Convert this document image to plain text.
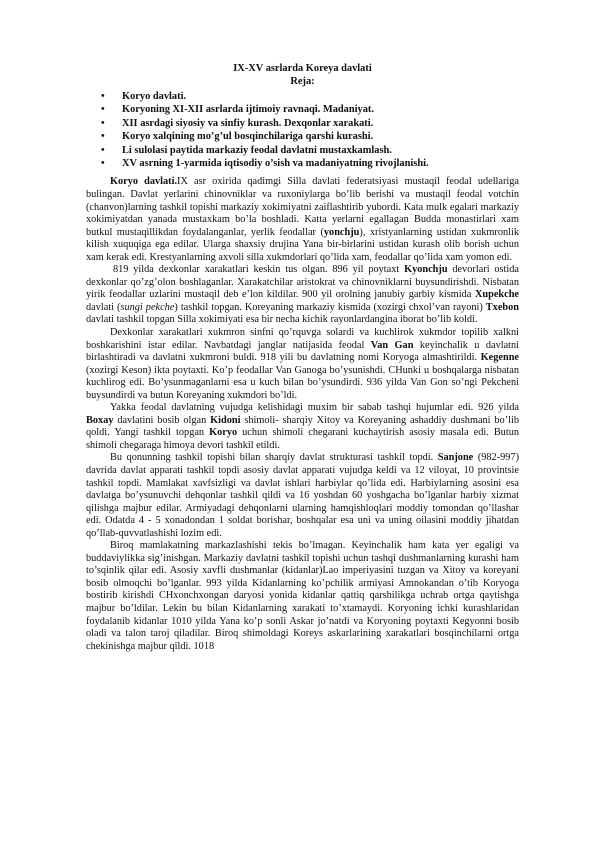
IX-XV asrlarda Koreya davlati
Reja:
• Koryo davlati.
• Koryoning XI-XII asrlarda ijtimoiy ravnaqi. Madaniyat.
• XII asrdagi siyosiy va sinfiy kurash. Dexqonlar xarakati.
• Koryo xalqining mo’g’ul bosqinchilariga qarshi kurashi.
• Li sulolasi paytida markaziy feodal davlatni mustaxkamlash.
• XV asrning 1-yarmida iqtisodiy o’sish va madaniyatning rivojlanishi.

Koryo davlati.IX asr oxirida qadimgi Silla davlati federatsiyasi mustaqil feodal udellariga bulingan. Davlat yerlarini chinovniklar va ruxoniylarga bo’lib berishi va mustaqil feodal votchin (chanvon)larning tashkil topishi markaziy xokimiyatni zaiflashtirib yubordi. Kata mulk egalari markaziy xokimiyatdan yanada mustaxkam bo’la boshladi. Katta yerlarni egallagan Budda monastirlari xam butkul mustaqillikdan foydalanganlar, yerlik feodallar (yonchju), xristyanlarning ustidan xukmronlik kilish xuquqiga ega edilar. Ularga shaxsiy drujina Yana bir-birlarini ustidan kurash olib borish uchun xam kerak edi. Krestyanlarning axvoli silla xukmdorlari qo’lida xam, feodallar qo’lida xam yomon edi.

819 yilda dexkonlar xarakatlari keskin tus olgan. 896 yil poytaxt Kyonchju devorlari ostida dexkonlar qo’zg’olon boshlaganlar. Xarakatchilar aristokrat va chinovniklarni buysundirishdi. Nisbatan yirik feodallar uzlarini mustaqil deb e’lon kildilar. 900 yil orolning janubiy garbiy kismida Xupekche davlati (sungi pekche) tashkil topgan. Koreyaning markaziy kismida (xozirgi chxol’van rayoni) Txebon davlati tashkil topgan Silla xokimiyati esa bir necha kichik rayonlardangina iborat bo’lib koldi.

Dexkonlar xarakatlari xukmron sinfni qo’rquvga solardi va kuchlirok xukmdor topilib xalkni boshkarishini istar edilar. Navbatdagi janglar natijasida feodal Van Gan keyinchalik u davlatni birlashtiradi va davlatni xukmroni buldi. 918 yili bu davlatning nomi Koryoga almashtirildi. Kegenne (xozirgi Keson) ikta poytaxti. Ko’p feodallar Van Ganoga bo’ysunishdi. CHunki u boshqalarga nisbatan kuchlirog edi. Bo’ysunmaganlarni esa u kuch bilan bo’ysundirdi. 936 yilda Van Gon so’ngi Pekcheni buysundirdi va butun Koreyaning xukmdori bo’ldi.

Yakka feodal davlatning vujudga kelishidagi muxim bir sabab tashqi hujumlar edi. 926 yilda Boxay davlatini bosib olgan Kidoni shimoli- sharqiy Xitoy va Koreyaning ashaddiy dushmani bo’lib qoldi. Yangi tashkil topgan Koryo uchun shimoli chegarani kuchaytirish asosiy masala edi. Butun shimoli chegaraga himoya devori tashkil etildi.

Bu qonunning tashkil topishi bilan sharqiy davlat strukturasi tashkil topdi. Sanjone (982-997) davrida davlat apparati tashkil topdi asosiy davlat apparati vujudga keldi va 12 viloyat, 10 provintsie tashkil topdi. Mamlakat xavfsizligi va davlat ishlari harbiylar qo’lida edi. Harbiylarning asosini esa davlatga bo’ysunuvchi dehqonlar tashkil qildi va 16 yoshdan 60 yoshgacha bo’lganlar harbiy xizmat qilishga majbur edilar. Armiyadagi dehqonlarni ularning hamqishloqlari moddiy tomondan qo’llashar edi. Odatda 4 - 5 xonadondan 1 soldat borishar, boshqalar esa uni va uning oilasini moddiy jihatdan qo’llab-quvvatlashishi lozim edi.

Biroq mamlakatning markazlashishi tekis bo’lmagan. Keyinchalik ham kata yer egaligi va buddaviylikka sig’inishgan. Markaziy davlatni tashkil topishi uchun tashqi dushmanlarning kurashi ham to’sqinlik qilar edi. Asosiy xavfli dushmanlar (kidanlar)Lao imperiyasini tuzgan va Xitoy va koreyani bosib olmoqchi bo’lganlar. 993 yilda Kidanlarning ko’pchilik armiyasi Amnokandan o’tib Koryoga bostirib kirishdi CHxonchxongan daryosi yonida kidanlar qattiq qarshilikga uchrab ortga qaytishga majbur bo’ldilar. Lekin bu bilan Kidanlarning xarakati to’xtamaydi. Koryoning ichki kurashlaridan foydalanib kidanlar 1010 yilda Yana ko’p sonli Askar jo’natdi va Koryoning poytaxti Kegyonni bosib oladi va talon taroj qiladilar. Biroq shimoldagi Koreys askarlarining xarakatlari bosqinchilarni ortga chekinishga majbur qildi. 1018
